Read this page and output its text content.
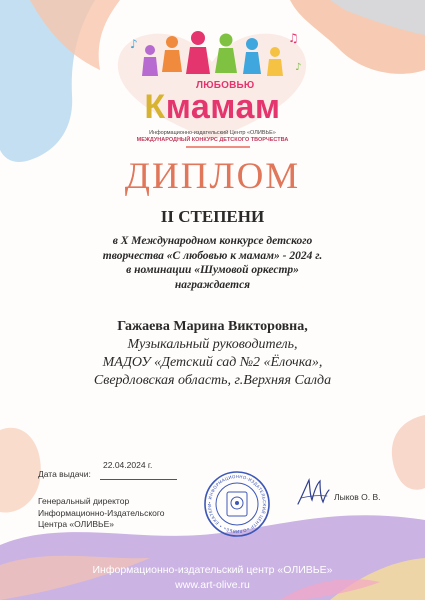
♪	♫
♪
ЛЮБОВЬЮ
Кмамам
Информационно-издательский Центр «ОЛИВЬЕ»
МЕЖДУНАРОДНЫЙ КОНКУРС ДЕТСКОГО ТВОРЧЕСТВА
ДИПЛОМ
II СТЕПЕНИ
в X Международном конкурсе детского
творчества «С любовью к мамам» - 2024 г.
в номинации «Шумовой оркестр»
награждается
Гажаева Марина Викторовна,
Музыкальный руководитель,
МАДОУ «Детский сад №2 «Ёлочка»,
Свердловская область, г.Верхняя Салда
Дата выдачи:
22.04.2024 г.
Генеральный директор
Информационно-Издательского
Центра «ОЛИВЬЕ»
• ИНФОРМАЦИОННО-ИЗДАТЕЛЬСКИЙ ЦЕНТР «ОЛИВЬЕ» • ЕКАТЕРИ
Лыков О. В.
Информационно-издательский центр «ОЛИВЬЕ»
www.art-olive.ru
